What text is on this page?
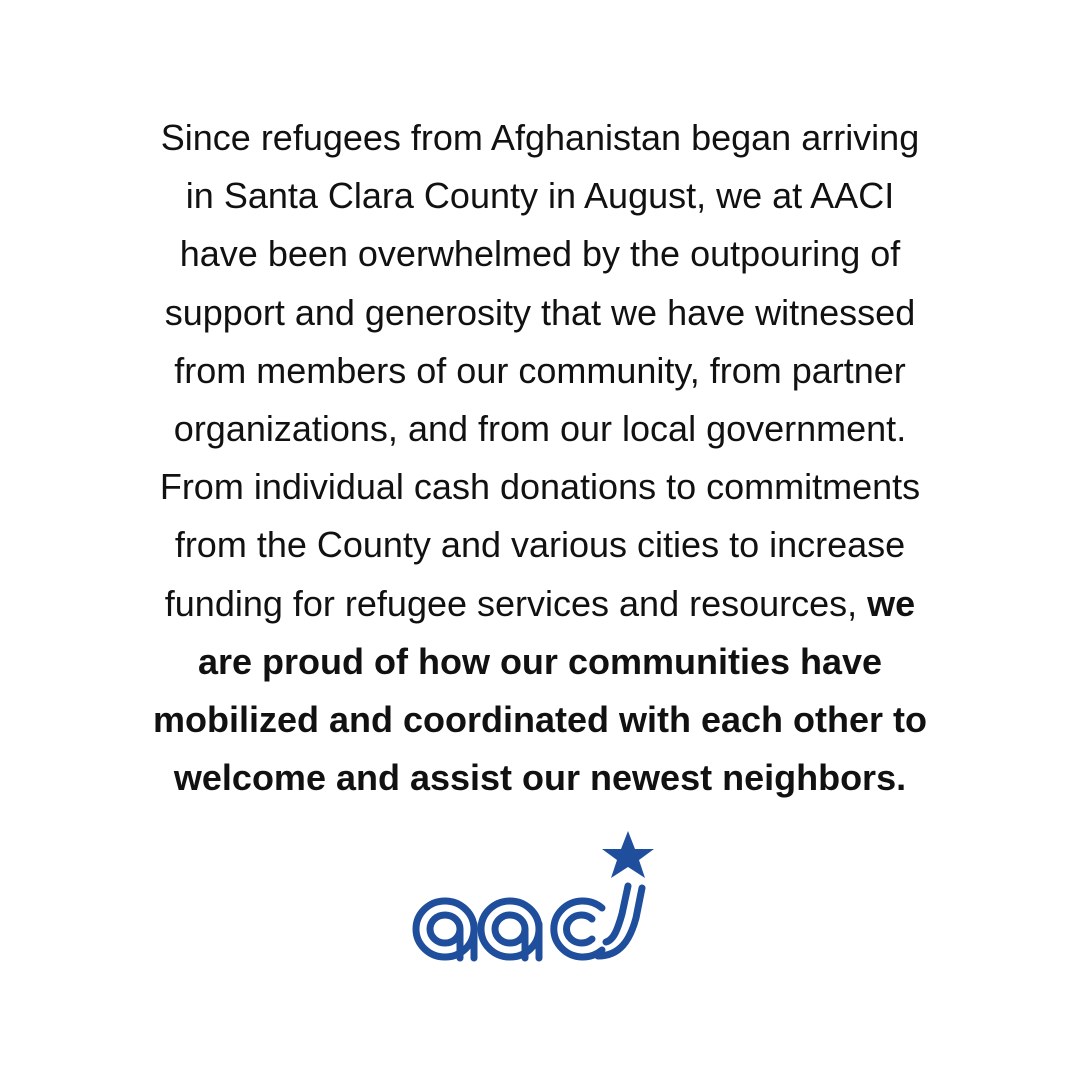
Since refugees from Afghanistan began arriving
in Santa Clara County in August, we at AACI
have been overwhelmed by the outpouring of
support and generosity that we have witnessed
from members of our community, from partner
organizations, and from our local government.
From individual cash donations to commitments
from the County and various cities to increase
funding for refugee services and resources, we
are proud of how our communities have
mobilized and coordinated with each other to
welcome and assist our newest neighbors.
